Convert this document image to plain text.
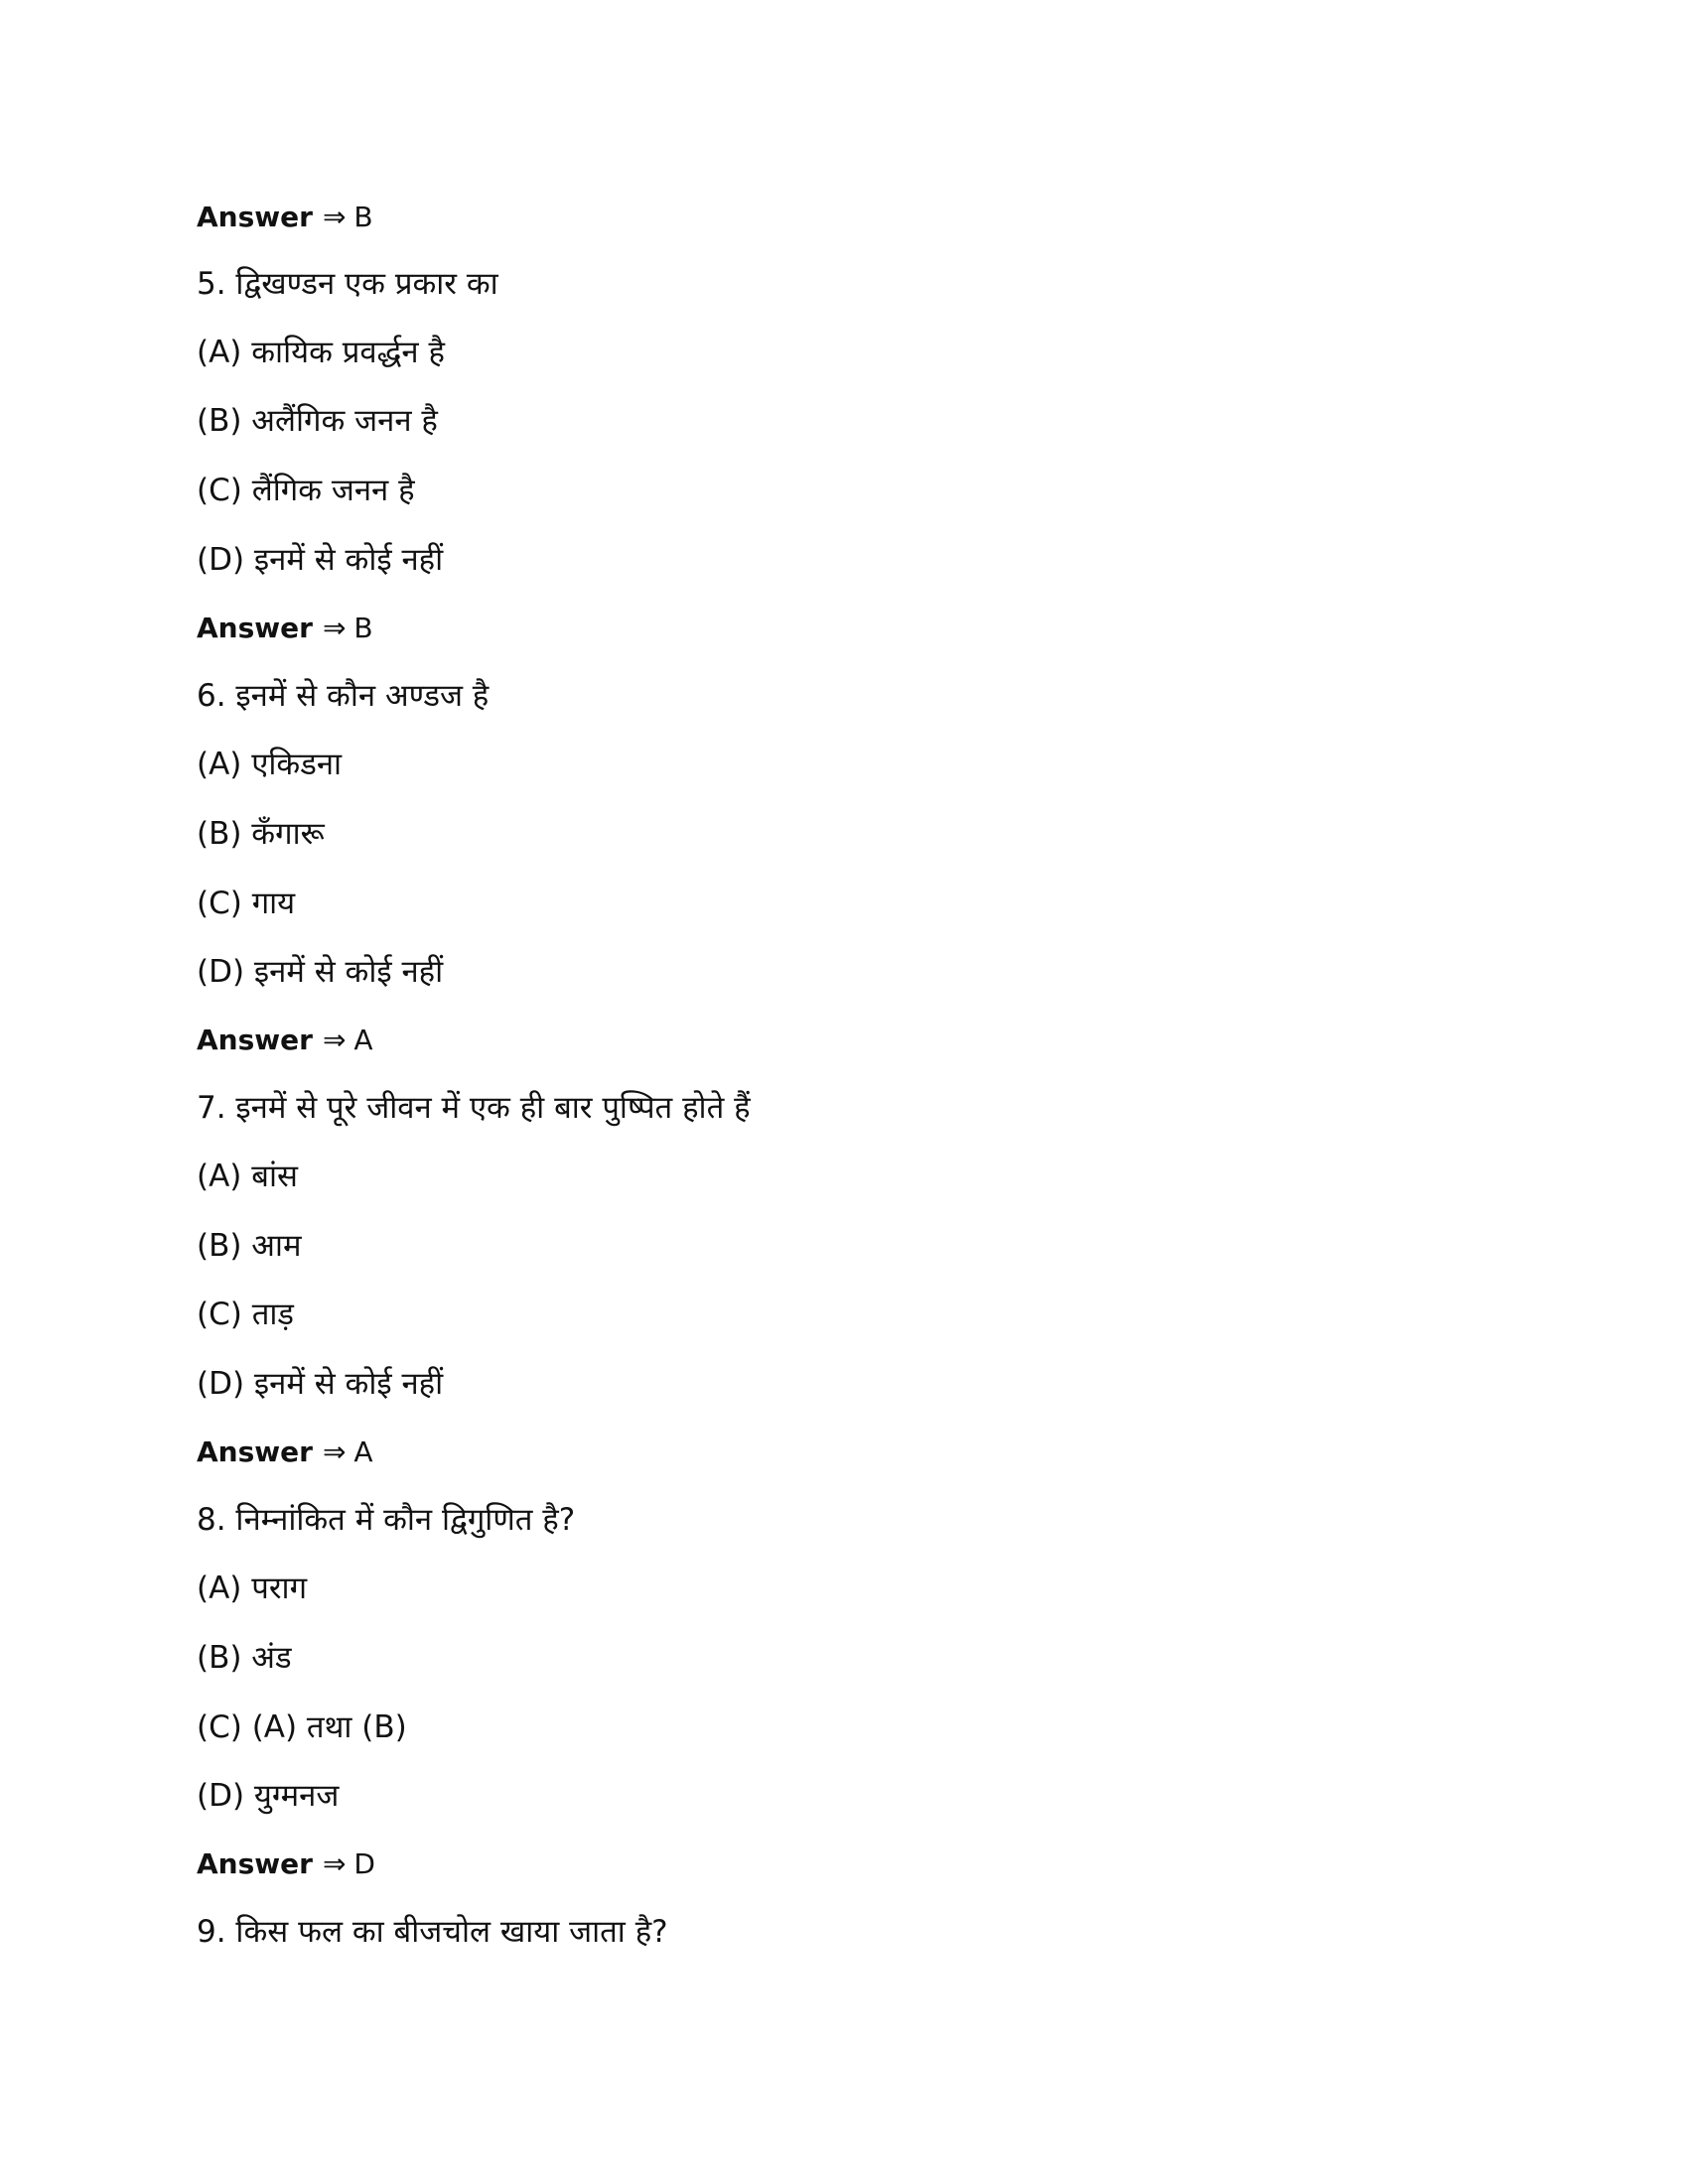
Answer ⇒ B
5. द्विखण्डन एक प्रकार का
(A) कायिक प्रवर्द्धन है
(B) अलैंगिक जनन है
(C) लैंगिक जनन है
(D) इनमें से कोई नहीं
Answer ⇒ B
6. इनमें से कौन अण्डज है
(A) एकिडना
(B) कँगारू
(C) गाय
(D) इनमें से कोई नहीं
Answer ⇒ A
7. इनमें से पूरे जीवन में एक ही बार पुष्पित होते हैं
(A) बांस
(B) आम
(C) ताड़
(D) इनमें से कोई नहीं
Answer ⇒ A
8. निम्नांकित में कौन द्विगुणित है?
(A) पराग
(B) अंड
(C) (A) तथा (B)
(D) युग्मनज
Answer ⇒ D
9. किस फल का बीजचोल खाया जाता है?
